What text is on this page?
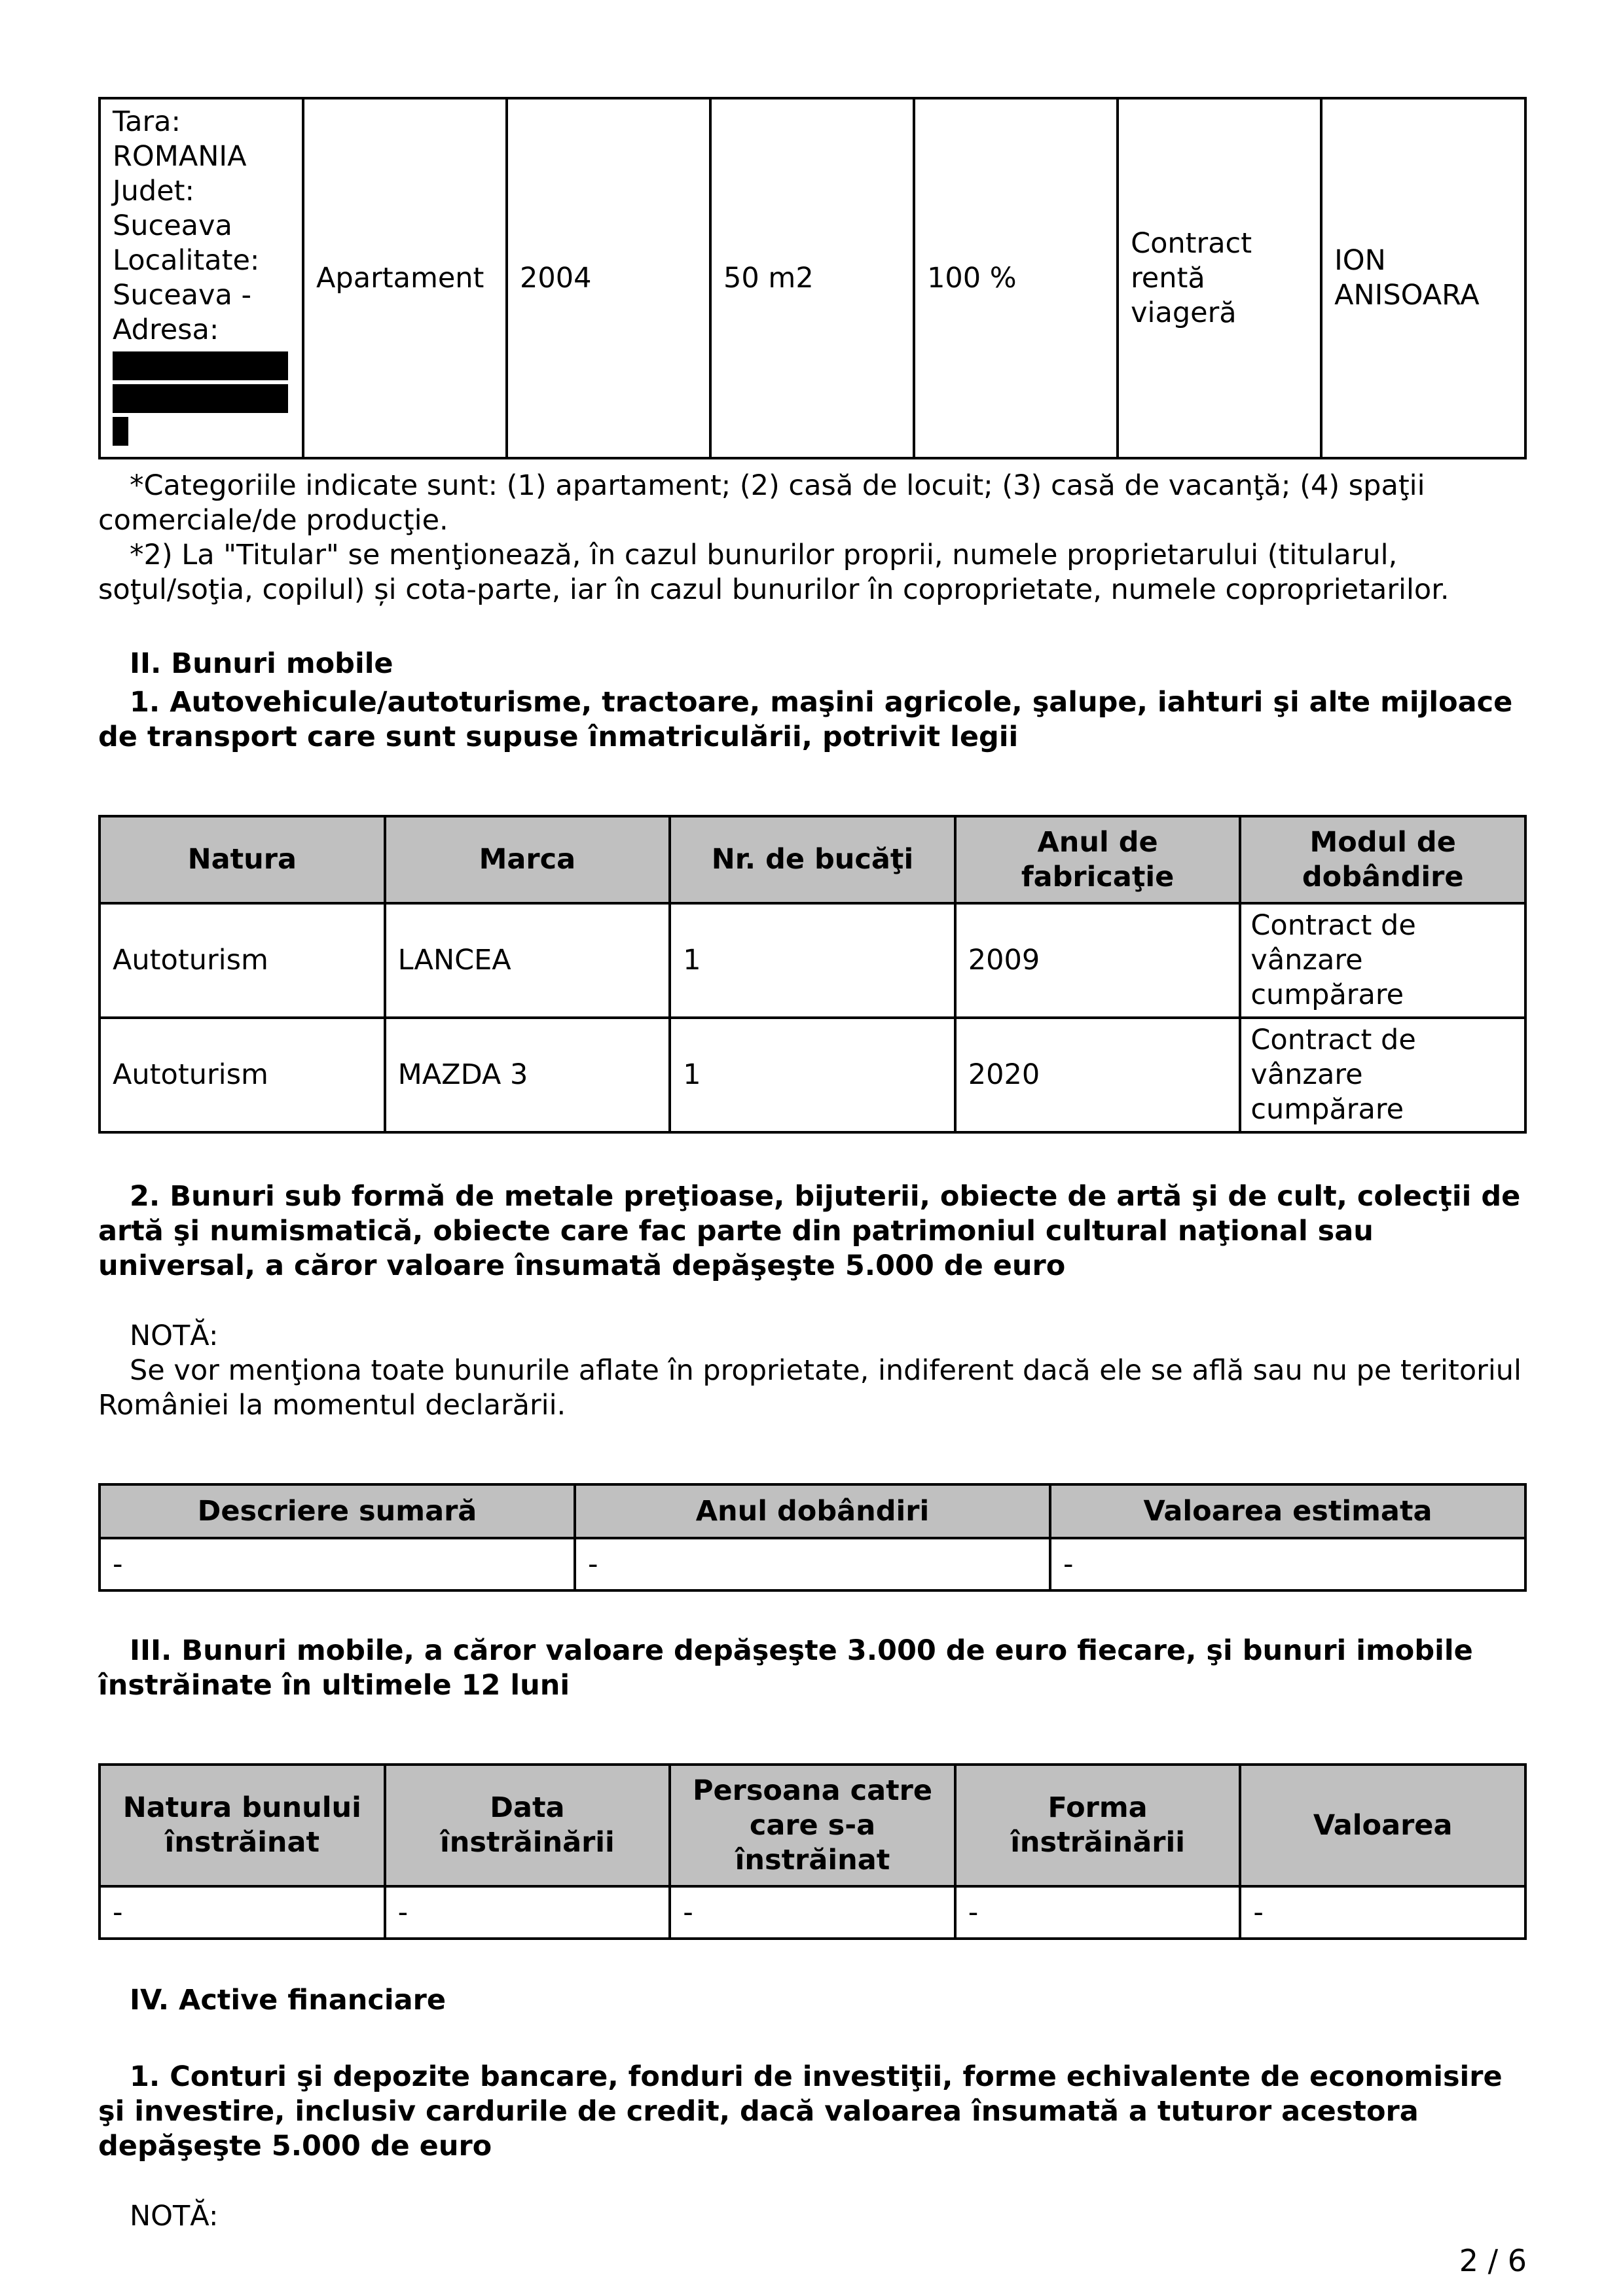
Tara:
ROMANIA
Judet:
Suceava
Localitate:
Suceava -
Adresa:
	Apartament	2004	50 m2	100 %	Contract rentă viageră	ION ANISOARA

*Categoriile indicate sunt: (1) apartament; (2) casă de locuit; (3) casă de vacanţă; (4) spaţii comerciale/de producţie.

*2) La "Titular" se menţionează, în cazul bunurilor proprii, numele proprietarului (titularul, soţul/soţia, copilul) și cota-parte, iar în cazul bunurilor în coproprietate, numele coproprietarilor.

II. Bunuri mobile

1. Autovehicule/autoturisme, tractoare, maşini agricole, şalupe, iahturi şi alte mijloace de transport care sunt supuse înmatriculării, potrivit legii

Natura	Marca	Nr. de bucăţi	Anul de fabricaţie	Modul de dobândire
Autoturism	LANCEA	1	2009	Contract de vânzare cumpărare
Autoturism	MAZDA 3	1	2020	Contract de vânzare cumpărare

2. Bunuri sub formă de metale preţioase, bijuterii, obiecte de artă şi de cult, colecţii de artă şi numismatică, obiecte care fac parte din patrimoniul cultural naţional sau universal, a căror valoare însumată depăşeşte 5.000 de euro

NOTĂ:

Se vor menţiona toate bunurile aflate în proprietate, indiferent dacă ele se află sau nu pe teritoriul României la momentul declarării.

Descriere sumară	Anul dobândiri	Valoarea estimata
-	-	-

III. Bunuri mobile, a căror valoare depăşeşte 3.000 de euro fiecare, şi bunuri imobile înstrăinate în ultimele 12 luni

Natura bunului înstrăinat	Data înstrăinării	Persoana catre care s-a înstrăinat	Forma înstrăinării	Valoarea
-	-	-	-	-

IV. Active financiare

1. Conturi şi depozite bancare, fonduri de investiţii, forme echivalente de economisire şi investire, inclusiv cardurile de credit, dacă valoarea însumată a tuturor acestora depăşeşte 5.000 de euro

NOTĂ:

2 / 6
